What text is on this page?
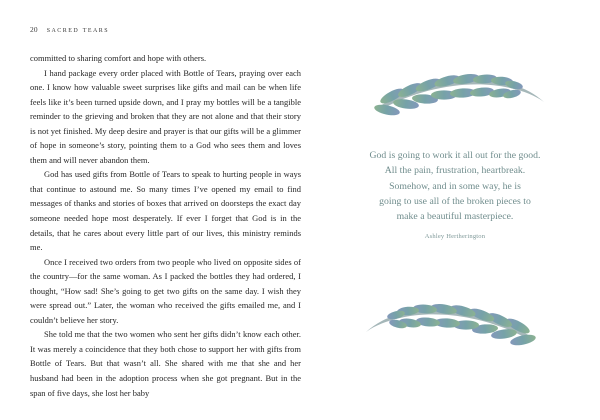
20 sacred tears

committed to sharing comfort and hope with others.

I hand package every order placed with Bottle of Tears, praying over each one. I know how valuable sweet surprises like gifts and mail can be when life feels like it’s been turned upside down, and I pray my bottles will be a tangible reminder to the grieving and broken that they are not alone and that their story is not yet finished. My deep desire and prayer is that our gifts will be a glimmer of hope in someone’s story, pointing them to a God who sees them and loves them and will never abandon them.

God has used gifts from Bottle of Tears to speak to hurting people in ways that continue to astound me. So many times I’ve opened my email to find messages of thanks and stories of boxes that arrived on doorsteps the exact day someone needed hope most desperately. If ever I forget that God is in the details, that he cares about every little part of our lives, this ministry reminds me.

Once I received two orders from two people who lived on opposite sides of the country—for the same woman. As I packed the bottles they had ordered, I thought, “How sad! She’s going to get two gifts on the same day. I wish they were spread out.” Later, the woman who received the gifts emailed me, and I couldn’t believe her story.

She told me that the two women who sent her gifts didn’t know each other. It was merely a coincidence that they both chose to support her with gifts from Bottle of Tears. But that wasn’t all. She shared with me that she and her husband had been in the adoption process when she got pregnant. But in the span of five days, she lost her baby

God is going to work it all out for the good.
All the pain, frustration, heartbreak.
Somehow, and in some way, he is
going to use all of the broken pieces to
make a beautiful masterpiece.
Ashley Hertherington
